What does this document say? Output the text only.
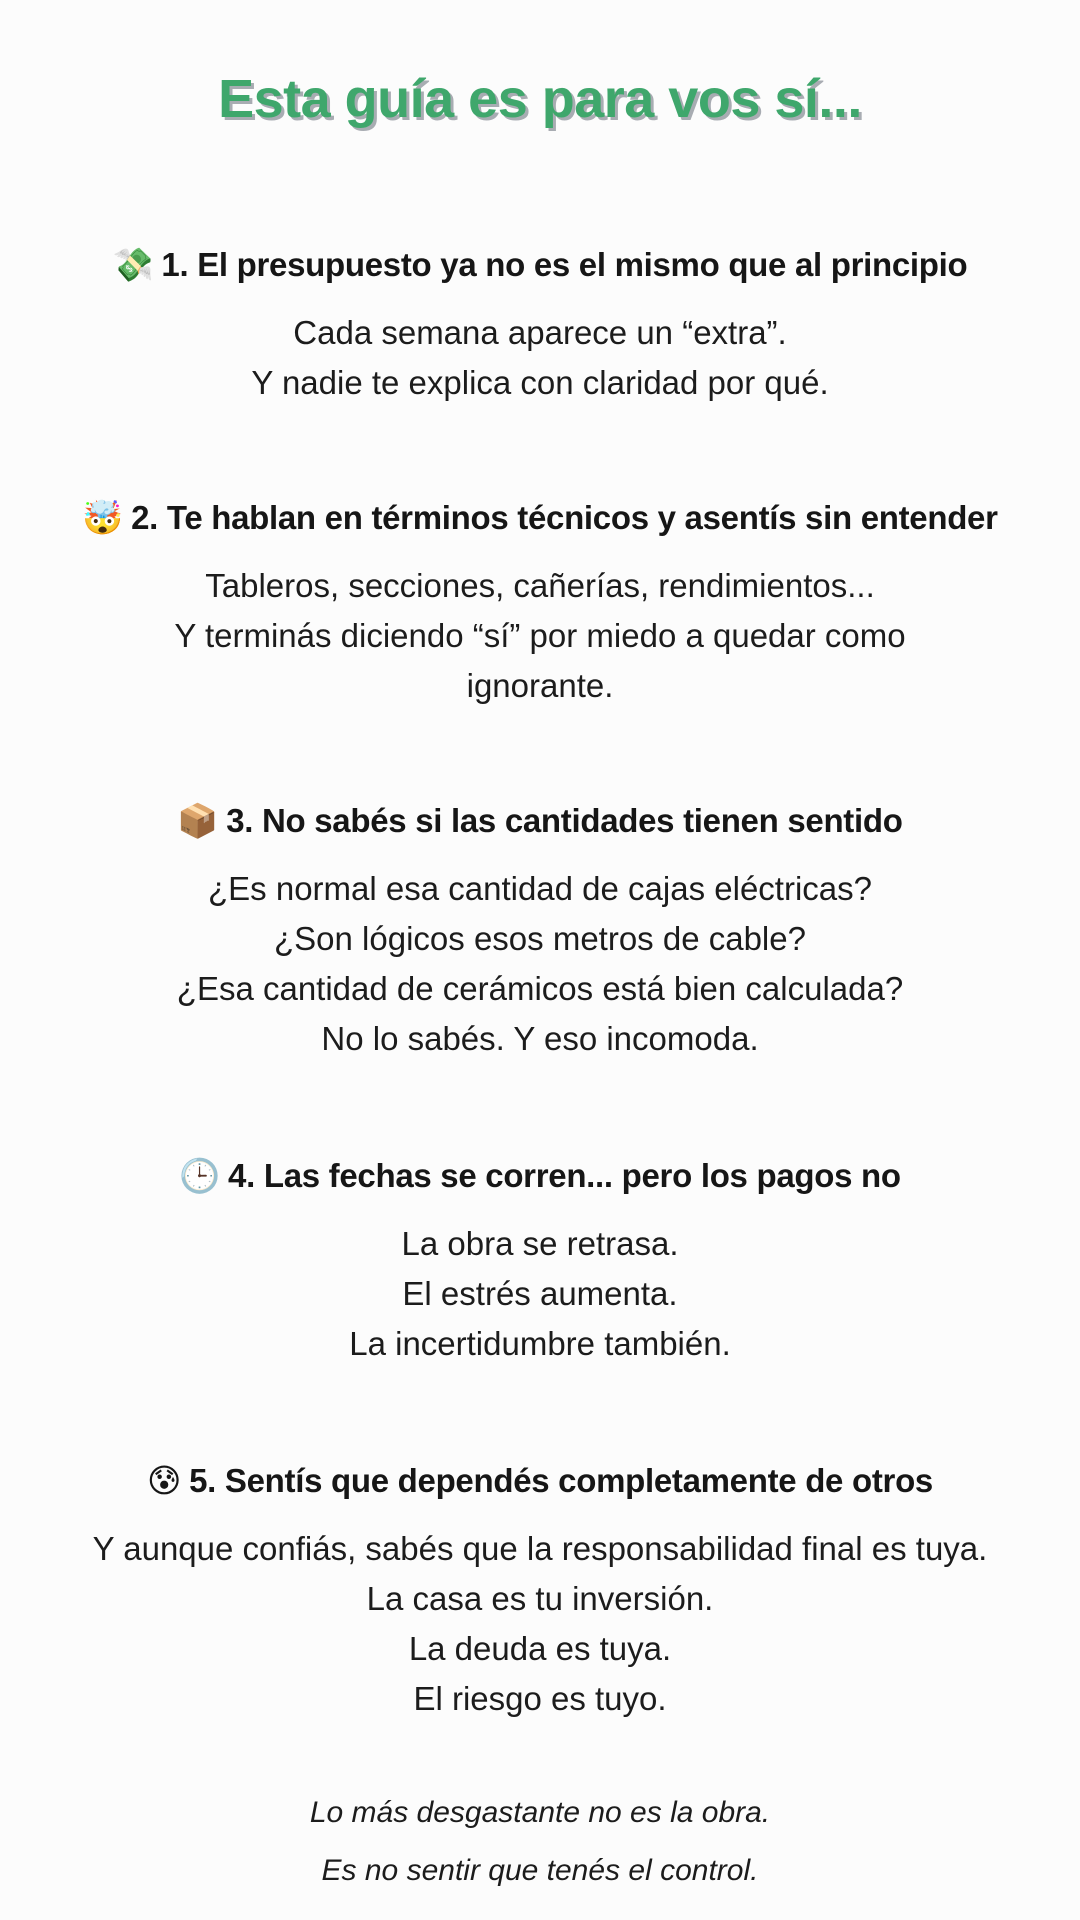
Esta guía es para vos sí...
💸 1. El presupuesto ya no es el mismo que al principio
Cada semana aparece un “extra”.
Y nadie te explica con claridad por qué.
🤯 2. Te hablan en términos técnicos y asentís sin entender
Tableros, secciones, cañerías, rendimientos...
Y terminás diciendo “sí” por miedo a quedar como
ignorante.
📦 3. No sabés si las cantidades tienen sentido
¿Es normal esa cantidad de cajas eléctricas?
¿Son lógicos esos metros de cable?
¿Esa cantidad de cerámicos está bien calculada?
No lo sabés. Y eso incomoda.
🕒 4. Las fechas se corren... pero los pagos no
La obra se retrasa.
El estrés aumenta.
La incertidumbre también.
😰 5. Sentís que dependés completamente de otros
Y aunque confiás, sabés que la responsabilidad final es tuya.
La casa es tu inversión.
La deuda es tuya.
El riesgo es tuyo.
Lo más desgastante no es la obra.
Es no sentir que tenés el control.
